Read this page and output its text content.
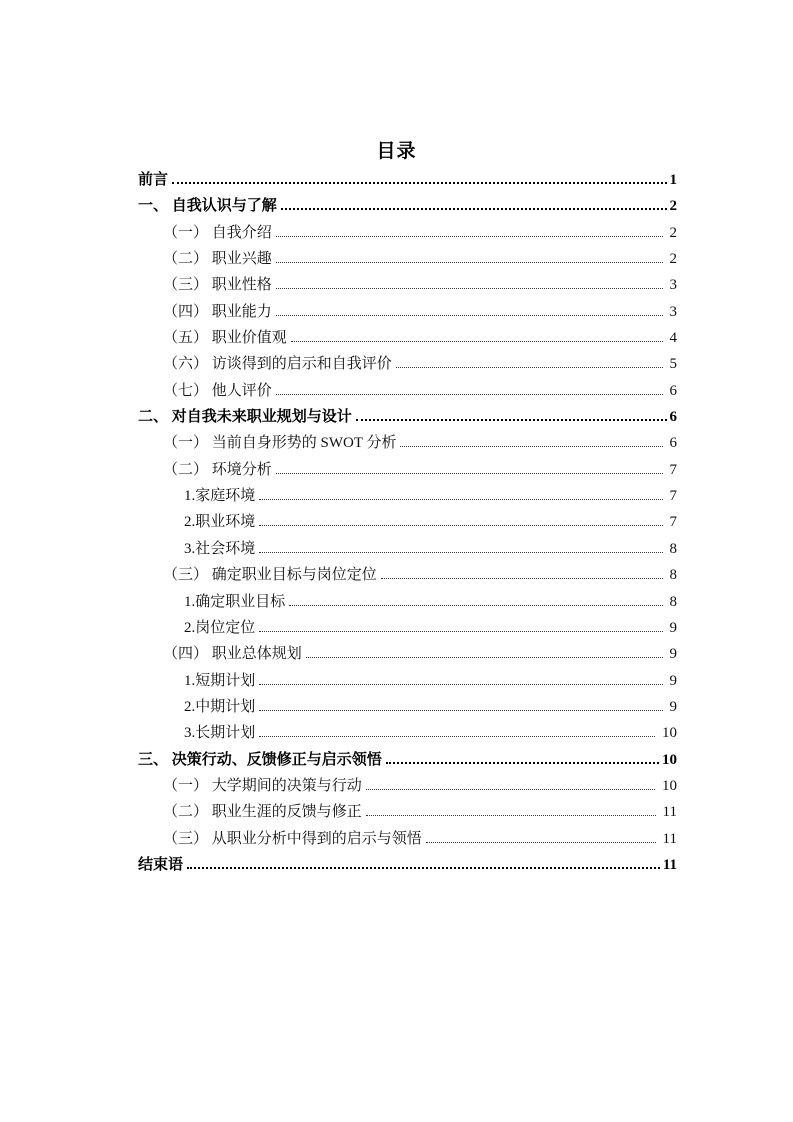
目录
前言	1
一、 自我认识与了解	2
（一） 自我介绍	2
（二） 职业兴趣	2
（三） 职业性格	3
（四） 职业能力	3
（五） 职业价值观	4
（六） 访谈得到的启示和自我评价	5
（七） 他人评价	6
二、 对自我未来职业规划与设计	6
（一） 当前自身形势的 SWOT 分析	6
（二） 环境分析	7
1.家庭环境	7
2.职业环境	7
3.社会环境	8
（三） 确定职业目标与岗位定位	8
1.确定职业目标	8
2.岗位定位	9
（四） 职业总体规划	9
1.短期计划	9
2.中期计划	9
3.长期计划	10
三、 决策行动、反馈修正与启示领悟	10
（一） 大学期间的决策与行动	10
（二） 职业生涯的反馈与修正	11
（三） 从职业分析中得到的启示与领悟	11
结束语	11
